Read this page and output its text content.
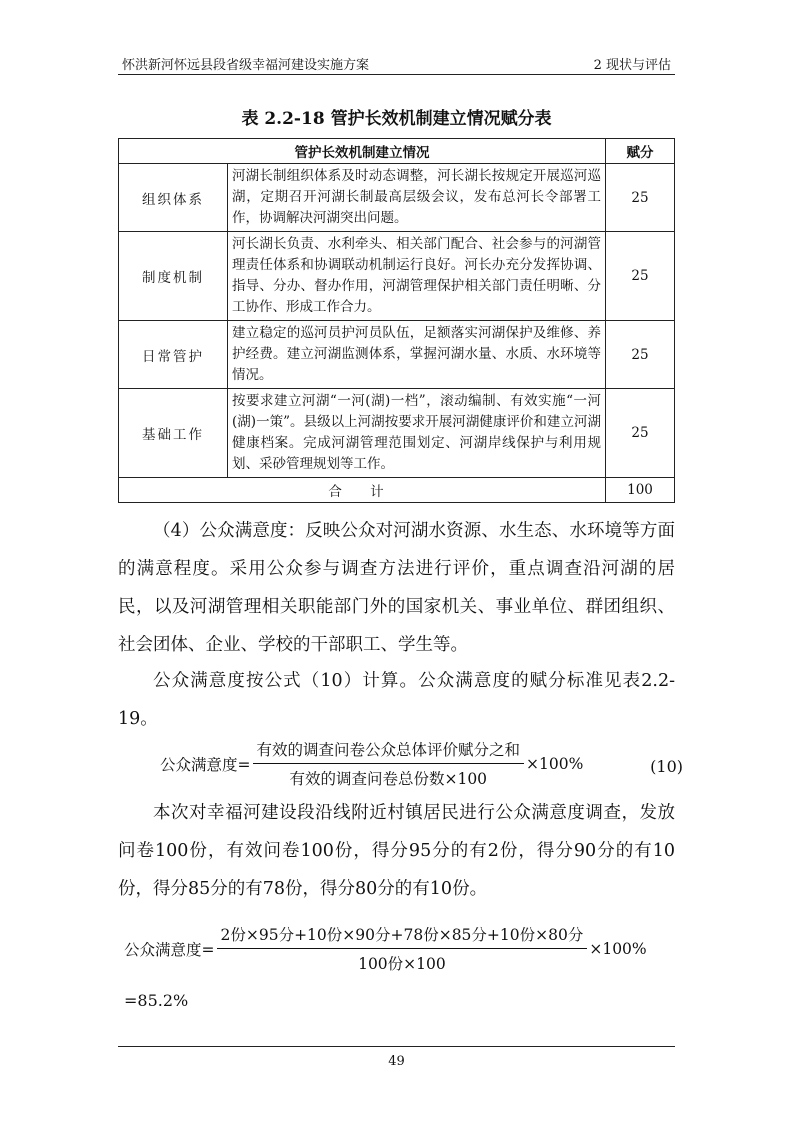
怀洪新河怀远县段省级幸福河建设实施方案	2 现状与评估
表 2.2-18 管护长效机制建立情况赋分表
管护长效机制建立情况		赋分
组织体系	河湖长制组织体系及时动态调整，河长湖长按规定开展巡河巡湖，定期召开河湖长制最高层级会议，发布总河长令部署工作，协调解决河湖突出问题。	25
制度机制	河长湖长负责、水利牵头、相关部门配合、社会参与的河湖管理责任体系和协调联动机制运行良好。河长办充分发挥协调、指导、分办、督办作用，河湖管理保护相关部门责任明晰、分工协作、形成工作合力。	25
日常管护	建立稳定的巡河员护河员队伍，足额落实河湖保护及维修、养护经费。建立河湖监测体系，掌握河湖水量、水质、水环境等情况。	25
基础工作	按要求建立河湖“一河(湖)一档”，滚动编制、有效实施“一河(湖)一策”。县级以上河湖按要求开展河湖健康评价和建立河湖健康档案。完成河湖管理范围划定、河湖岸线保护与利用规划、采砂管理规划等工作。	25
合 计		100

（4）公众满意度：反映公众对河湖水资源、水生态、水环境等方面的满意程度。采用公众参与调查方法进行评价，重点调查沿河湖的居民，以及河湖管理相关职能部门外的国家机关、事业单位、群团组织、社会团体、企业、学校的干部职工、学生等。

公众满意度按公式（10）计算。公众满意度的赋分标准见表2.2-19。

公众满意度= $\frac{\text{有效的调查问卷公众总体评价赋分之和}}{\text{有效的调查问卷总份数×100}} \times 100\%$	(10)

本次对幸福河建设段沿线附近村镇居民进行公众满意度调查，发放问卷100份，有效问卷100份，得分95分的有2份，得分90分的有10份，得分85分的有78份，得分80分的有10份。

公众满意度= $\frac{\text{2份×95分+10份×90分+78份×85分+10份×80分}}{\text{100份×100}} \times 100\%$

=85.2%

49
